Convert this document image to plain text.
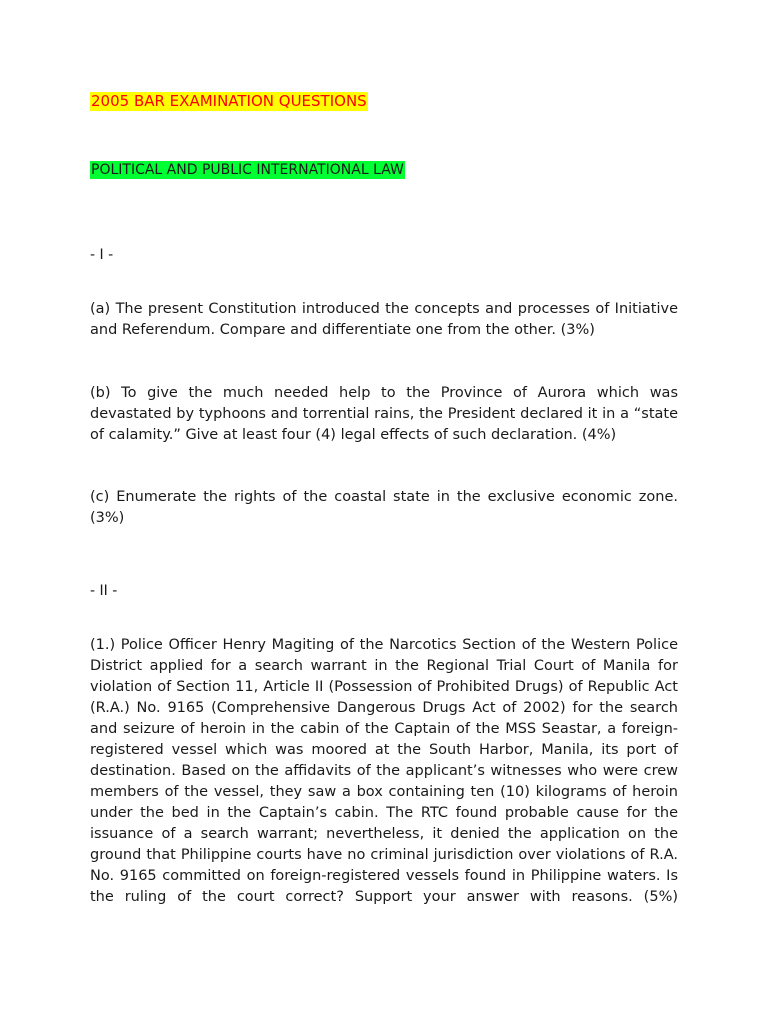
2005 BAR EXAMINATION QUESTIONS
POLITICAL AND PUBLIC INTERNATIONAL LAW
- I -
(a) The present Constitution introduced the concepts and processes of Initiative and Referendum. Compare and differentiate one from the other. (3%)
(b) To give the much needed help to the Province of Aurora which was devastated by typhoons and torrential rains, the President declared it in a “state of calamity.” Give at least four (4) legal effects of such declaration. (4%)
(c) Enumerate the rights of the coastal state in the exclusive economic zone. (3%)
- II -
(1.) Police Officer Henry Magiting of the Narcotics Section of the Western Police District applied for a search warrant in the Regional Trial Court of Manila for violation of Section 11, Article II (Possession of Prohibited Drugs) of Republic Act (R.A.) No. 9165 (Comprehensive Dangerous Drugs Act of 2002) for the search and seizure of heroin in the cabin of the Captain of the MSS Seastar, a foreign-registered vessel which was moored at the South Harbor, Manila, its port of destination. Based on the affidavits of the applicant’s witnesses who were crew members of the vessel, they saw a box containing ten (10) kilograms of heroin under the bed in the Captain’s cabin. The RTC found probable cause for the issuance of a search warrant; nevertheless, it denied the application on the ground that Philippine courts have no criminal jurisdiction over violations of R.A. No. 9165 committed on foreign-registered vessels found in Philippine waters. Is the ruling of the court correct? Support your answer with reasons. (5%)
